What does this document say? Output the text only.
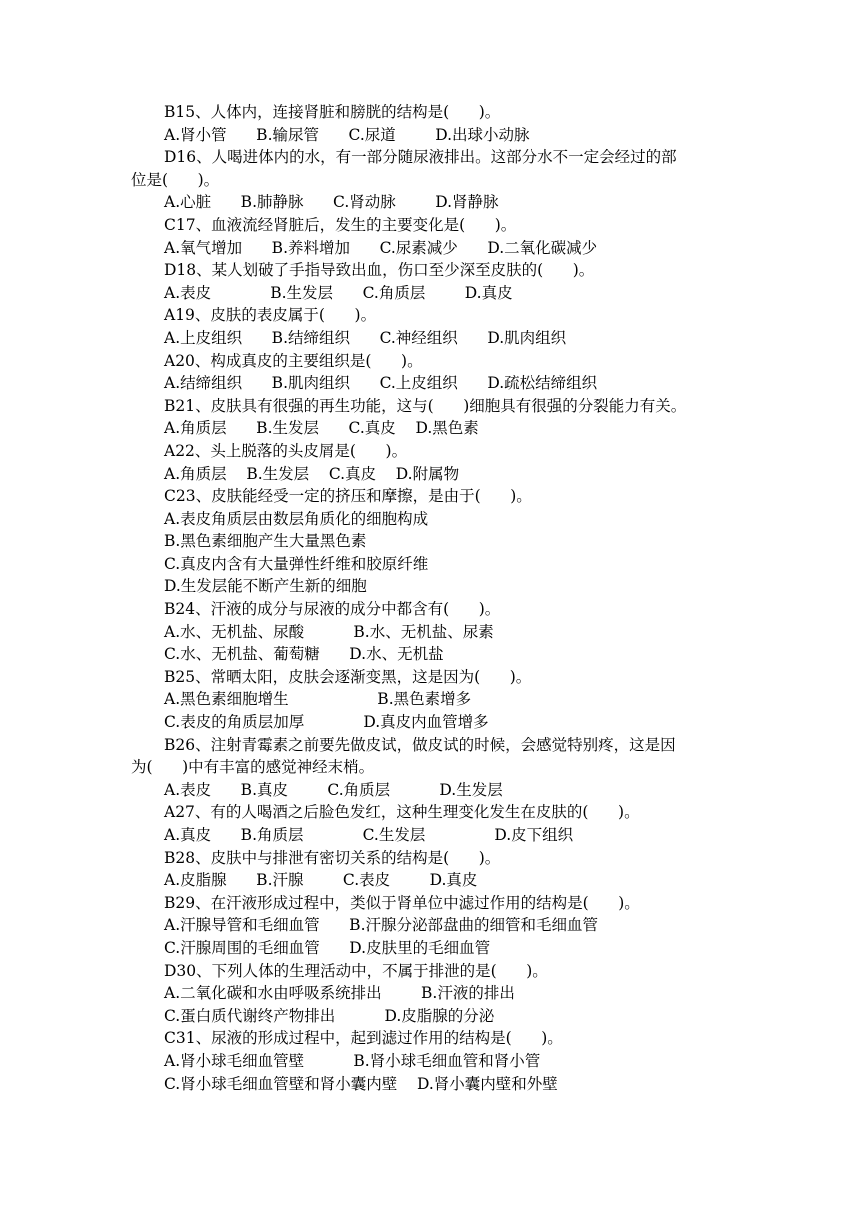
B15、人体内，连接肾脏和膀胱的结构是(      )。
A.肾小管      B.输尿管      C.尿道        D.出球小动脉
D16、人喝进体内的水，有一部分随尿液排出。这部分水不一定会经过的部
位是(      )。
A.心脏      B.肺静脉      C.肾动脉        D.肾静脉
C17、血液流经肾脏后，发生的主要变化是(      )。
A.氧气增加      B.养料增加      C.尿素减少      D.二氧化碳减少
D18、某人划破了手指导致出血，伤口至少深至皮肤的(      )。
A.表皮            B.生发层      C.角质层        D.真皮
A19、皮肤的表皮属于(      )。
A.上皮组织      B.结缔组织      C.神经组织      D.肌肉组织
A20、构成真皮的主要组织是(      )。
A.结缔组织      B.肌肉组织      C.上皮组织      D.疏松结缔组织
B21、皮肤具有很强的再生功能，这与(      )细胞具有很强的分裂能力有关。
A.角质层      B.生发层      C.真皮    D.黑色素
A22、头上脱落的头皮屑是(      )。
A.角质层    B.生发层    C.真皮    D.附属物
C23、皮肤能经受一定的挤压和摩擦，是由于(      )。
A.表皮角质层由数层角质化的细胞构成
B.黑色素细胞产生大量黑色素
C.真皮内含有大量弹性纤维和胶原纤维
D.生发层能不断产生新的细胞
B24、汗液的成分与尿液的成分中都含有(      )。
A.水、无机盐、尿酸          B.水、无机盐、尿素
C.水、无机盐、葡萄糖      D.水、无机盐
B25、常晒太阳，皮肤会逐渐变黑，这是因为(      )。
A.黑色素细胞增生                  B.黑色素增多
C.表皮的角质层加厚            D.真皮内血管增多
B26、注射青霉素之前要先做皮试，做皮试的时候，会感觉特别疼，这是因
为(      )中有丰富的感觉神经末梢。
A.表皮      B.真皮        C.角质层          D.生发层
A27、有的人喝酒之后脸色发红，这种生理变化发生在皮肤的(      )。
A.真皮      B.角质层            C.生发层              D.皮下组织
B28、皮肤中与排泄有密切关系的结构是(      )。
A.皮脂腺      B.汗腺        C.表皮        D.真皮
B29、在汗液形成过程中，类似于肾单位中滤过作用的结构是(      )。
A.汗腺导管和毛细血管      B.汗腺分泌部盘曲的细管和毛细血管
C.汗腺周围的毛细血管      D.皮肤里的毛细血管
D30、下列人体的生理活动中，不属于排泄的是(      )。
A.二氧化碳和水由呼吸系统排出        B.汗液的排出
C.蛋白质代谢终产物排出          D.皮脂腺的分泌
C31、尿液的形成过程中，起到滤过作用的结构是(      )。
A.肾小球毛细血管壁          B.肾小球毛细血管和肾小管
C.肾小球毛细血管壁和肾小囊内壁    D.肾小囊内壁和外壁
